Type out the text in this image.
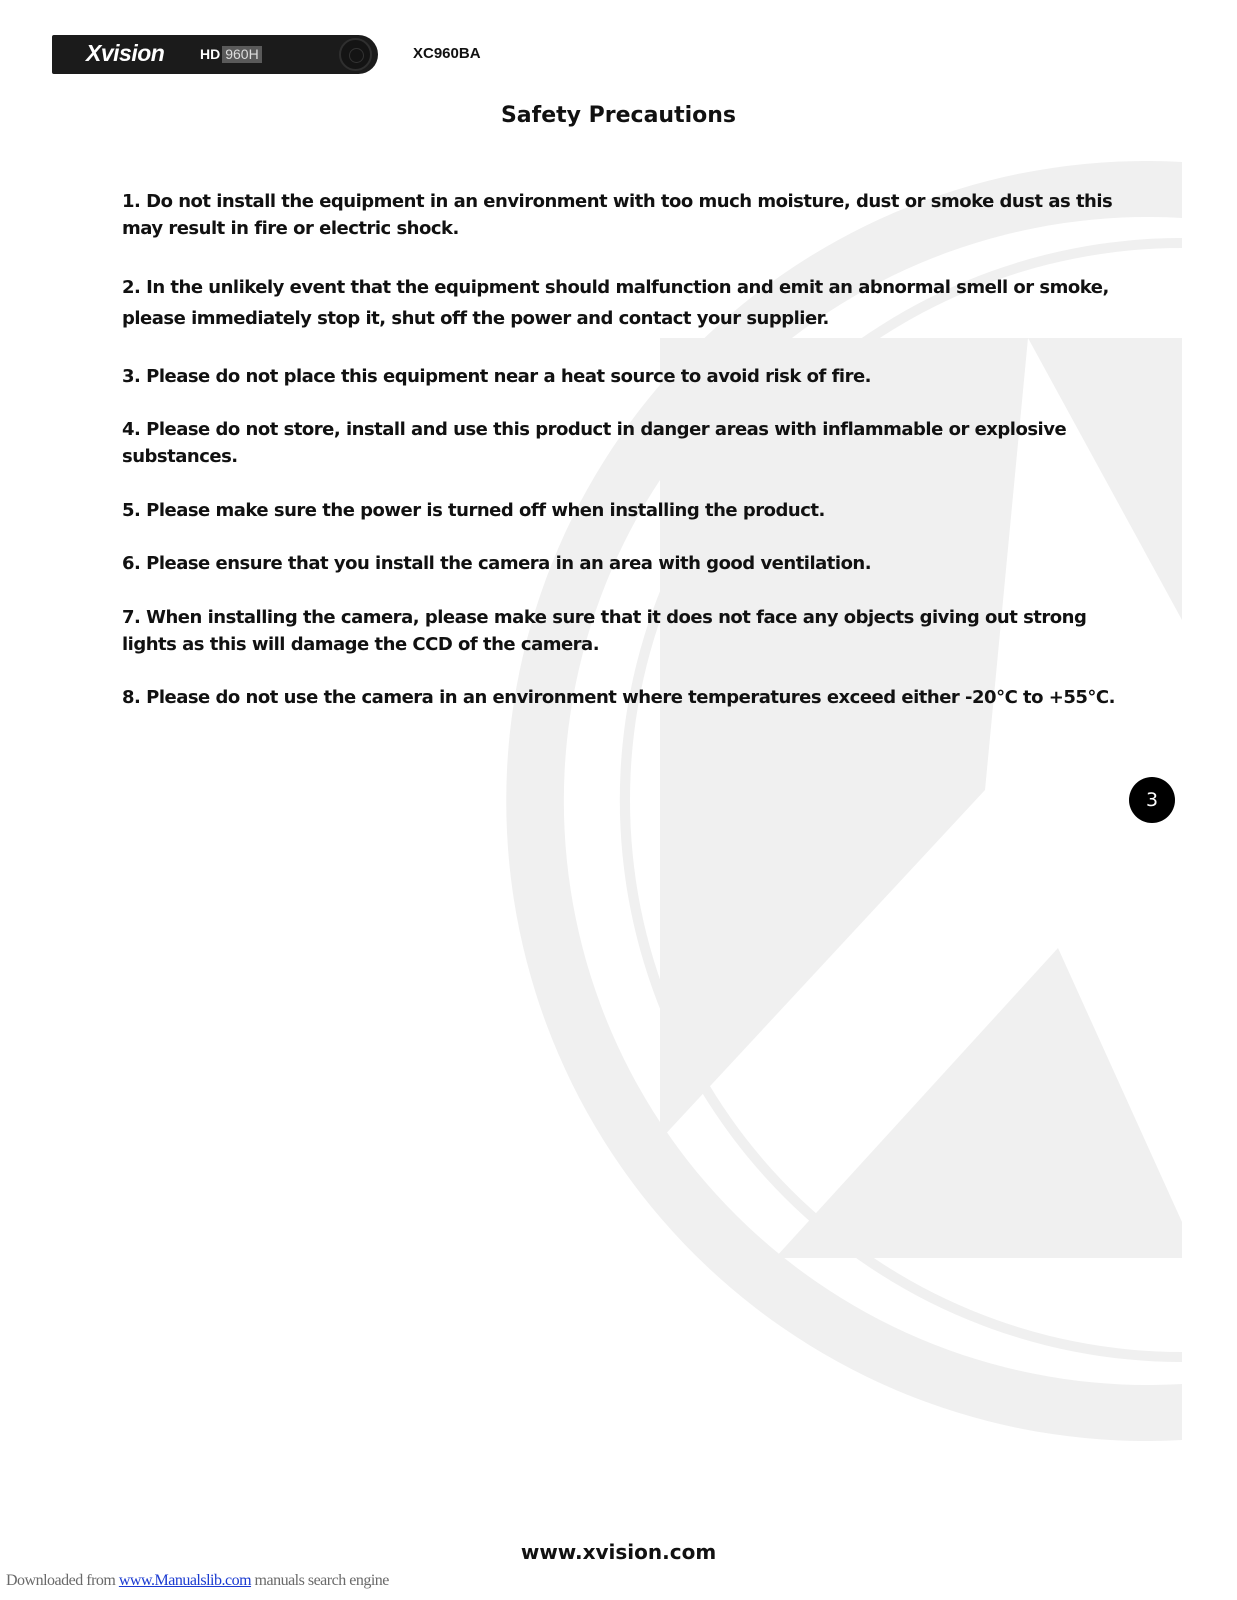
Xvision	HD 960H	XC960BA
Safety Precautions
1. Do not install the equipment in an environment with too much moisture, dust or smoke dust as this may result in fire or electric shock.
2. In the unlikely event that the equipment should malfunction and emit an abnormal smell or smoke, please immediately stop it, shut off the power and contact your supplier.
3. Please do not place this equipment near a heat source to avoid risk of fire.
4. Please do not store, install and use this product in danger areas with inflammable or explosive substances.
5. Please make sure the power is turned off when installing the product.
6. Please ensure that you install the camera in an area with good ventilation.
7. When installing the camera, please make sure that it does not face any objects giving out strong lights as this will damage the CCD of the camera.
8. Please do not use the camera in an environment where temperatures exceed either -20°C to +55°C.
3
www.xvision.com
Downloaded from www.Manualslib.com manuals search engine
